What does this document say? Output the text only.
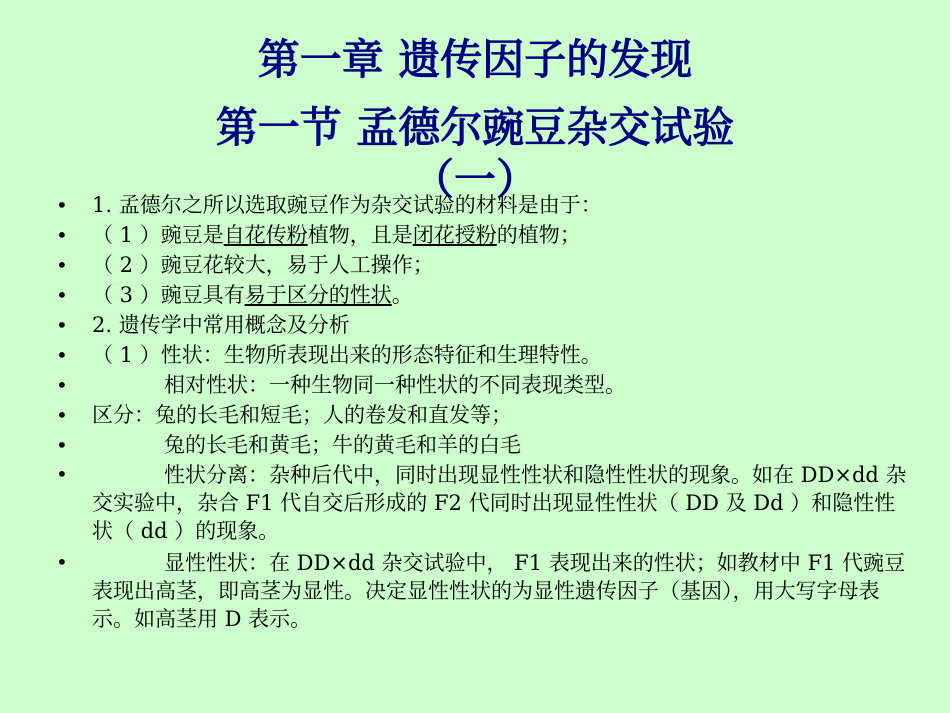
第一章 遗传因子的发现
第一节 孟德尔豌豆杂交试验
（一）
• 1. 孟德尔之所以选取豌豆作为杂交试验的材料是由于：
• （ 1 ）豌豆是自花传粉植物，且是闭花授粉的植物；
• （ 2 ）豌豆花较大，易于人工操作；
• （ 3 ）豌豆具有易于区分的性状。
• 2. 遗传学中常用概念及分析
• （ 1 ）性状：生物所表现出来的形态特征和生理特性。
•	相对性状：一种生物同一种性状的不同表现类型。
• 区分：兔的长毛和短毛；人的卷发和直发等；
•	兔的长毛和黄毛；牛的黄毛和羊的白毛
•	性状分离：杂种后代中，同时出现显性性状和隐性性状的现象。如在 DD×dd 杂交实验中，杂合 F1 代自交后形成的 F2 代同时出现显性性状（ DD 及 Dd ）和隐性性状（ dd ）的现象。
•	显性性状：在 DD×dd 杂交试验中， F1 表现出来的性状；如教材中 F1 代豌豆表现出高茎，即高茎为显性。决定显性性状的为显性遗传因子（基因），用大写字母表示。如高茎用 D 表示。
